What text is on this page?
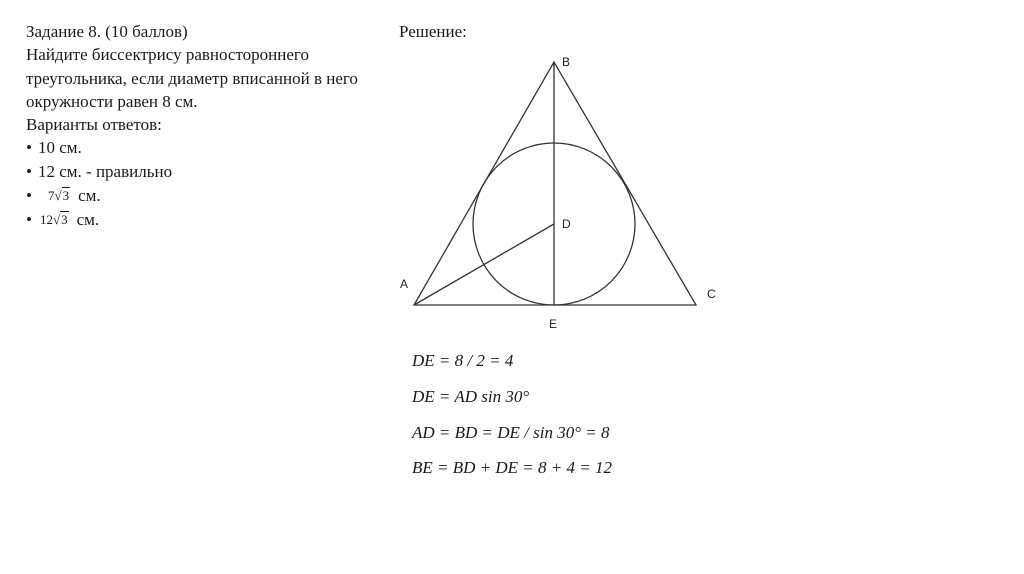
Задание 8. (10 баллов)

Найдите биссектрису равностороннего треугольника, если диаметр вписанной в него окружности равен 8 см.

Варианты ответов:

• 10 см.

• 12 см. - правильно

•	7 √3 см.

• 12 √3 см.

Решение:

B
D
A
C
E

DE = 8 / 2 = 4

DE = AD sin 30°

AD = BD = DE / sin 30° = 8

BE = BD + DE = 8 + 4 = 12
